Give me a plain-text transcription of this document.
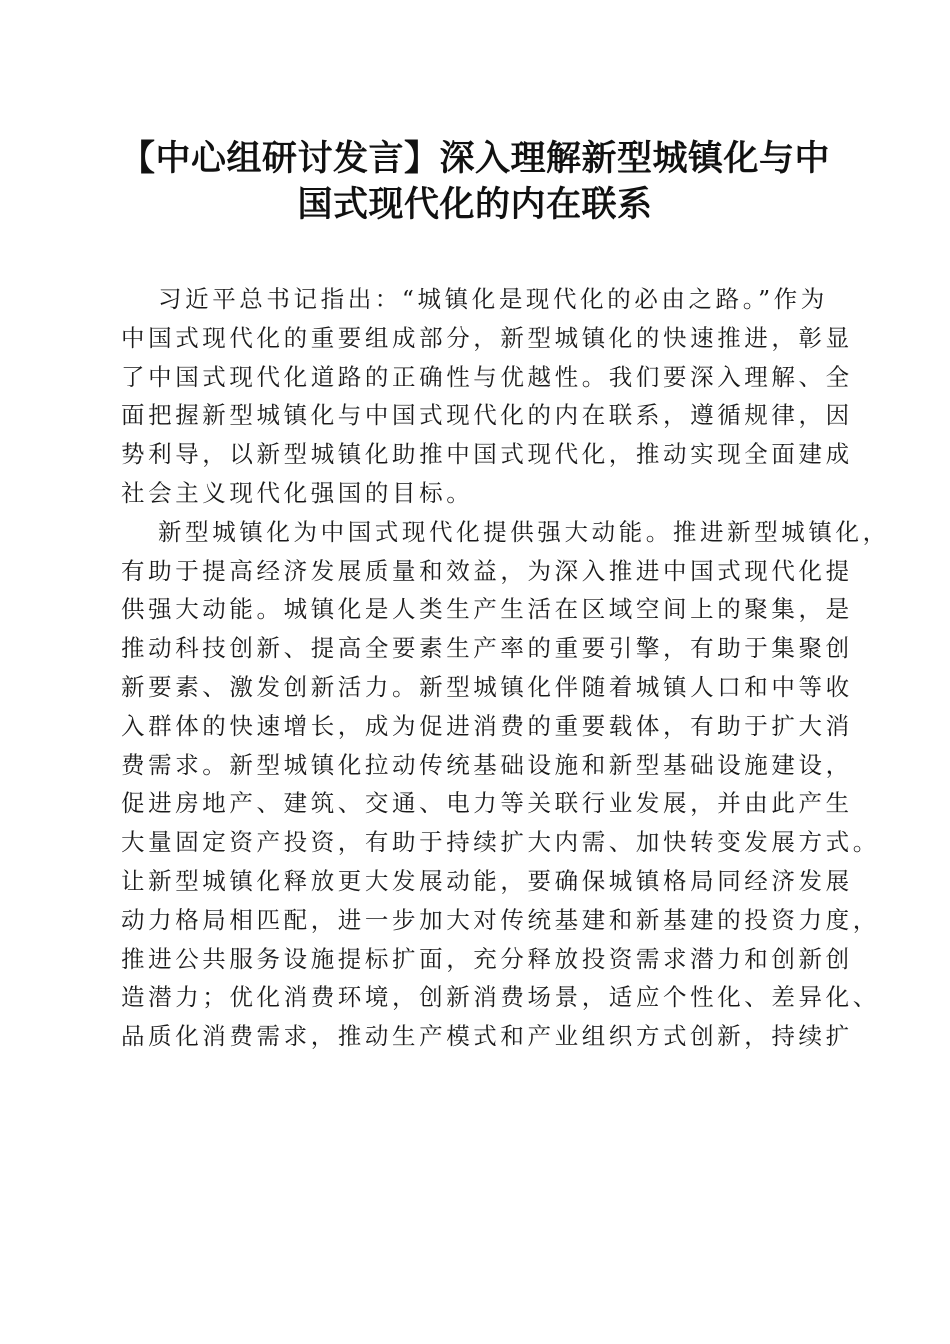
【中心组研讨发言】深入理解新型城镇化与中
国式现代化的内在联系
习近平总书记指出：“城镇化是现代化的必由之路。”作为
中国式现代化的重要组成部分，新型城镇化的快速推进，彰显
了中国式现代化道路的正确性与优越性。我们要深入理解、全
面把握新型城镇化与中国式现代化的内在联系，遵循规律，因
势利导，以新型城镇化助推中国式现代化，推动实现全面建成
社会主义现代化强国的目标。
新型城镇化为中国式现代化提供强大动能。推进新型城镇化，
有助于提高经济发展质量和效益，为深入推进中国式现代化提
供强大动能。城镇化是人类生产生活在区域空间上的聚集，是
推动科技创新、提高全要素生产率的重要引擎，有助于集聚创
新要素、激发创新活力。新型城镇化伴随着城镇人口和中等收
入群体的快速增长，成为促进消费的重要载体，有助于扩大消
费需求。新型城镇化拉动传统基础设施和新型基础设施建设，
促进房地产、建筑、交通、电力等关联行业发展，并由此产生
大量固定资产投资，有助于持续扩大内需、加快转变发展方式。
让新型城镇化释放更大发展动能，要确保城镇格局同经济发展
动力格局相匹配，进一步加大对传统基建和新基建的投资力度，
推进公共服务设施提标扩面，充分释放投资需求潜力和创新创
造潜力；优化消费环境，创新消费场景，适应个性化、差异化、
品质化消费需求，推动生产模式和产业组织方式创新，持续扩
